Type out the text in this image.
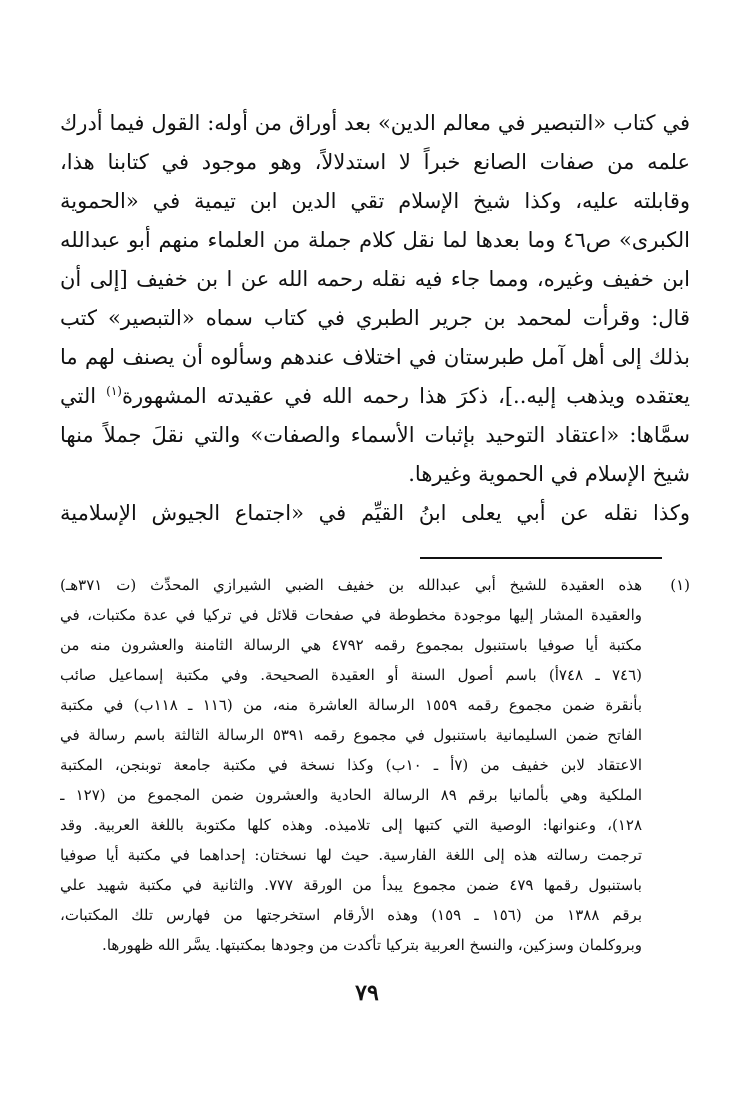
في كتاب «التبصير في معالم الدين» بعد أوراق من أوله: القول فيما أدرك
علمه من صفات الصانع خبراً لا استدلالاً، وهو موجود في كتابنا هذا،
وقابلته عليه، وكذا شيخ الإسلام تقي الدين ابن تيمية في «الحموية
الكبرى» ص٤٦ وما بعدها لما نقل كلام جملة من العلماء منهم أبو عبدالله
ابن خفيف وغيره، ومما جاء فيه نقله رحمه الله عن ا بن خفيف [إلى أن
قال: وقرأت لمحمد بن جرير الطبري في كتاب سماه «التبصير» كتب
بذلك إلى أهل آمل طبرستان في اختلاف عندهم وسألوه أن يصنف لهم ما
يعتقده ويذهب إليه..]، ذكرَ هذا رحمه الله في عقيدته المشهورة$^{(١)}$ التي
سمَّاها: «اعتقاد التوحيد بإثبات الأسماء والصفات» والتي نقلَ جملاً منها
شيخ الإسلام في الحموية وغيرها.
وكذا نقله عن أبي يعلى ابنُ القيِّم في «اجتماع الجيوش الإسلامية
(١)
هذه العقيدة للشيخ أبي عبدالله بن خفيف الضبي الشيرازي المحدِّث (ت ٣٧١هـ)
والعقيدة المشار إليها موجودة مخطوطة في صفحات قلائل في تركيا في عدة مكتبات، في
مكتبة أيا صوفيا باستنبول بمجموع رقمه ٤٧٩٢ هي الرسالة الثامنة والعشرون منه من
(٧٤٦ ـ ٧٤٨أ) باسم أصول السنة أو العقيدة الصحيحة. وفي مكتبة إسماعيل صائب
بأنقرة ضمن مجموع رقمه ١٥٥٩ الرسالة العاشرة منه، من (١١٦ ـ ١١٨ب) في مكتبة
الفاتح ضمن السليمانية باستنبول في مجموع رقمه ٥٣٩١ الرسالة الثالثة باسم رسالة في
الاعتقاد لابن خفيف من (٧أ ـ ١٠ب) وكذا نسخة في مكتبة جامعة توبنجن، المكتبة
الملكية وهي بألمانيا برقم ٨٩ الرسالة الحادية والعشرون ضمن المجموع من (١٢٧ ـ
١٢٨)، وعنوانها: الوصية التي كتبها إلى تلاميذه. وهذه كلها مكتوبة باللغة العربية. وقد
ترجمت رسالته هذه إلى اللغة الفارسية. حيث لها نسختان: إحداهما في مكتبة أيا صوفيا
باستنبول رقمها ٤٧٩ ضمن مجموع يبدأ من الورقة ٧٧٧. والثانية في مكتبة شهيد علي
برقم ١٣٨٨ من (١٥٦ ـ ١٥٩) وهذه الأرقام استخرجتها من فهارس تلك المكتبات،
وبروكلمان وسزكين، والنسخ العربية بتركيا تأكدت من وجودها بمكتبتها. يسَّر الله ظهورها.
٧٩
